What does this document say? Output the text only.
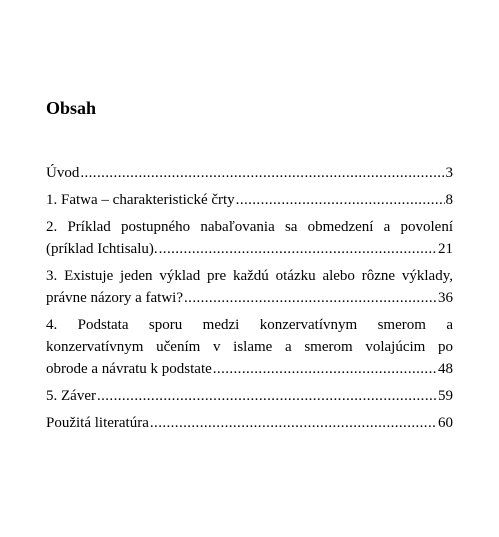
Obsah
Úvod .....	3
1. Fatwa – charakteristické črty .....	8
2. Príklad postupného nabaľovania sa obmedzení a povolení
(príklad Ichtisalu). .....	21
3. Existuje jeden výklad pre každú otázku alebo rôzne výklady,
právne názory a fatwi? .....	36
4. Podstata sporu medzi konzervatívnym smerom a
konzervatívnym učením v islame a smerom volajúcim po
obrode a návratu k podstate .....	48
5. Záver .....	59
Použitá literatúra .....	60
